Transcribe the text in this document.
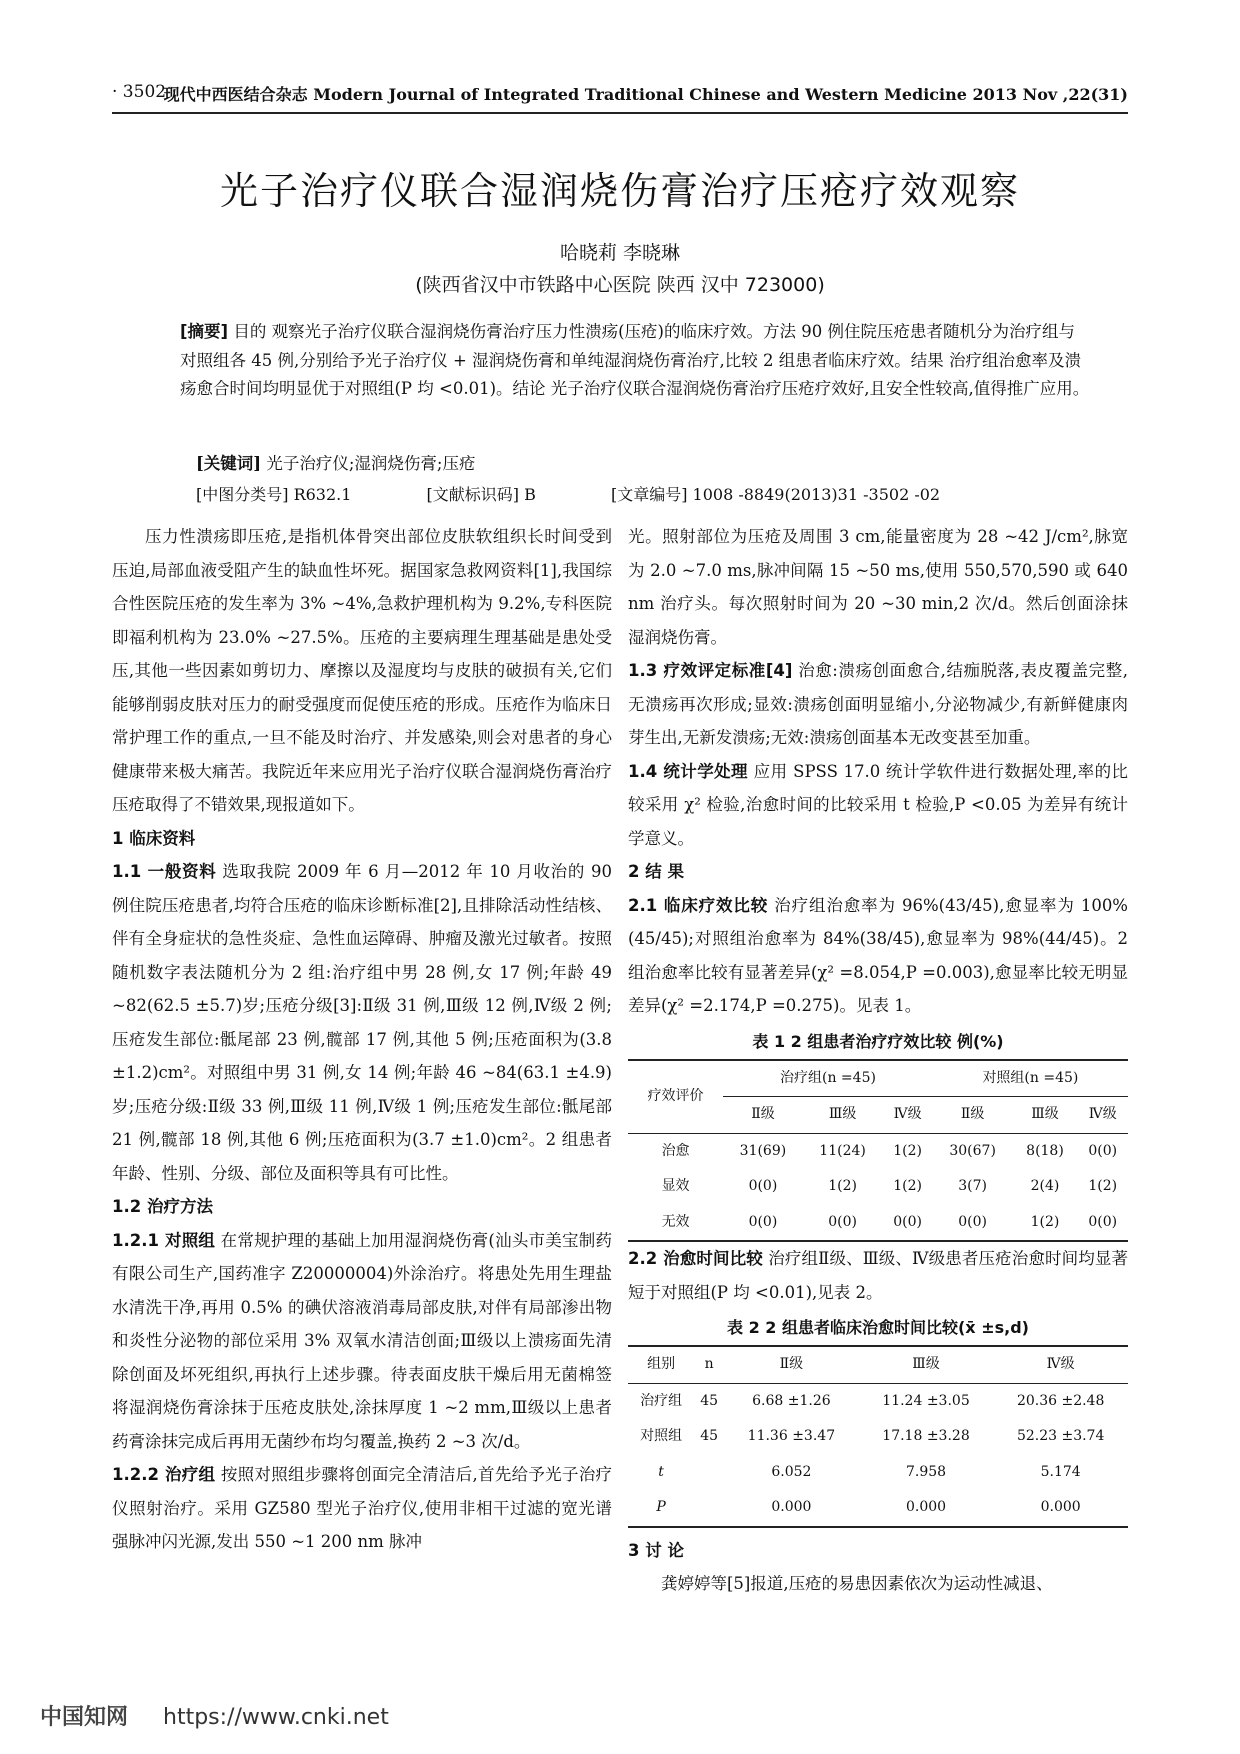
· 3502 ·
现代中西医结合杂志 Modern Journal of Integrated Traditional Chinese and Western Medicine 2013 Nov ,22(31)
光子治疗仪联合湿润烧伤膏治疗压疮疗效观察
哈晓莉 李晓琳
(陕西省汉中市铁路中心医院 陕西 汉中 723000)

[摘要] 目的 观察光子治疗仪联合湿润烧伤膏治疗压力性溃疡(压疮)的临床疗效。方法 90 例住院压疮患者随机分为治疗组与对照组各 45 例,分别给予光子治疗仪 + 湿润烧伤膏和单纯湿润烧伤膏治疗,比较 2 组患者临床疗效。结果 治疗组治愈率及溃疡愈合时间均明显优于对照组(P 均 <0.01)。结论 光子治疗仪联合湿润烧伤膏治疗压疮疗效好,且安全性较高,值得推广应用。

[关键词] 光子治疗仪;湿润烧伤膏;压疮
[中图分类号] R632.1	[文献标识码] B	[文章编号] 1008 -8849(2013)31 -3502 -02

压力性溃疡即压疮,是指机体骨突出部位皮肤软组织长时间受到压迫,局部血液受阻产生的缺血性坏死。据国家急救网资料[1],我国综合性医院压疮的发生率为 3% ~4%,急救护理机构为 9.2%,专科医院即福利机构为 23.0% ~27.5%。压疮的主要病理生理基础是患处受压,其他一些因素如剪切力、摩擦以及湿度均与皮肤的破损有关,它们能够削弱皮肤对压力的耐受强度而促使压疮的形成。压疮作为临床日常护理工作的重点,一旦不能及时治疗、并发感染,则会对患者的身心健康带来极大痛苦。我院近年来应用光子治疗仪联合湿润烧伤膏治疗压疮取得了不错效果,现报道如下。

1 临床资料

1.1 一般资料 选取我院 2009 年 6 月—2012 年 10 月收治的 90 例住院压疮患者,均符合压疮的临床诊断标准[2],且排除活动性结核、伴有全身症状的急性炎症、急性血运障碍、肿瘤及激光过敏者。按照随机数字表法随机分为 2 组:治疗组中男 28 例,女 17 例;年龄 49 ~82(62.5 ±5.7)岁;压疮分级[3]:Ⅱ级 31 例,Ⅲ级 12 例,Ⅳ级 2 例;压疮发生部位:骶尾部 23 例,髋部 17 例,其他 5 例;压疮面积为(3.8 ±1.2)cm²。对照组中男 31 例,女 14 例;年龄 46 ~84(63.1 ±4.9)岁;压疮分级:Ⅱ级 33 例,Ⅲ级 11 例,Ⅳ级 1 例;压疮发生部位:骶尾部 21 例,髋部 18 例,其他 6 例;压疮面积为(3.7 ±1.0)cm²。2 组患者年龄、性别、分级、部位及面积等具有可比性。

1.2 治疗方法

1.2.1 对照组 在常规护理的基础上加用湿润烧伤膏(汕头市美宝制药有限公司生产,国药准字 Z20000004)外涂治疗。将患处先用生理盐水清洗干净,再用 0.5% 的碘伏溶液消毒局部皮肤,对伴有局部渗出物和炎性分泌物的部位采用 3% 双氧水清洁创面;Ⅲ级以上溃疡面先清除创面及坏死组织,再执行上述步骤。待表面皮肤干燥后用无菌棉签将湿润烧伤膏涂抹于压疮皮肤处,涂抹厚度 1 ~2 mm,Ⅲ级以上患者药膏涂抹完成后再用无菌纱布均匀覆盖,换药 2 ~3 次/d。

1.2.2 治疗组 按照对照组步骤将创面完全清洁后,首先给予光子治疗仪照射治疗。采用 GZ580 型光子治疗仪,使用非相干过滤的宽光谱强脉冲闪光源,发出 550 ~1 200 nm 脉冲

光。照射部位为压疮及周围 3 cm,能量密度为 28 ~42 J/cm²,脉宽为 2.0 ~7.0 ms,脉冲间隔 15 ~50 ms,使用 550,570,590 或 640 nm 治疗头。每次照射时间为 20 ~30 min,2 次/d。然后创面涂抹湿润烧伤膏。

1.3 疗效评定标准[4] 治愈:溃疡创面愈合,结痂脱落,表皮覆盖完整,无溃疡再次形成;显效:溃疡创面明显缩小,分泌物减少,有新鲜健康肉芽生出,无新发溃疡;无效:溃疡创面基本无改变甚至加重。

1.4 统计学处理 应用 SPSS 17.0 统计学软件进行数据处理,率的比较采用 χ² 检验,治愈时间的比较采用 t 检验,P <0.05 为差异有统计学意义。

2 结 果

2.1 临床疗效比较 治疗组治愈率为 96%(43/45),愈显率为 100%(45/45);对照组治愈率为 84%(38/45),愈显率为 98%(44/45)。2 组治愈率比较有显著差异(χ² =8.054,P =0.003),愈显率比较无明显差异(χ² =2.174,P =0.275)。见表 1。

表 1 2 组患者治疗疗效比较 例(%)
疗效评价	治疗组(n =45)			对照组(n =45)		
	Ⅱ级	Ⅲ级	Ⅳ级	Ⅱ级	Ⅲ级	Ⅳ级
治愈	31(69)	11(24)	1(2)	30(67)	8(18)	0(0)
显效	0(0)	1(2)	1(2)	3(7)	2(4)	1(2)
无效	0(0)	0(0)	0(0)	0(0)	1(2)	0(0)

2.2 治愈时间比较 治疗组Ⅱ级、Ⅲ级、Ⅳ级患者压疮治愈时间均显著短于对照组(P 均 <0.01),见表 2。

表 2 2 组患者临床治愈时间比较(x̄ ±s,d)
组别	n	Ⅱ级	Ⅲ级	Ⅳ级
治疗组	45	6.68 ±1.26	11.24 ±3.05	20.36 ±2.48
对照组	45	11.36 ±3.47	17.18 ±3.28	52.23 ±3.74
t		6.052	7.958	5.174
P		0.000	0.000	0.000
3 讨 论

龚婷婷等[5]报道,压疮的易患因素依次为运动性减退、

中国知网 https://www.cnki.net
